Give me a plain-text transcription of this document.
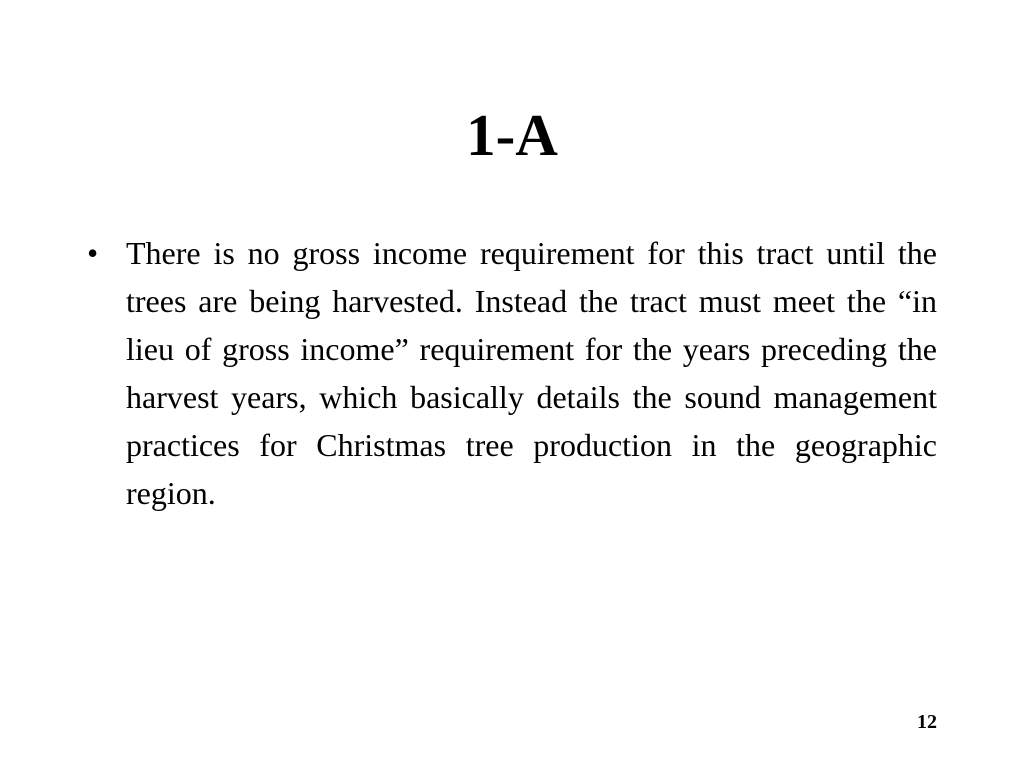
1-A
• There is no gross income requirement for this tract until the trees are being harvested. Instead the tract must meet the “in lieu of gross income” requirement for the years preceding the harvest years, which basically details the sound management practices for Christmas tree production in the geographic region.
12
